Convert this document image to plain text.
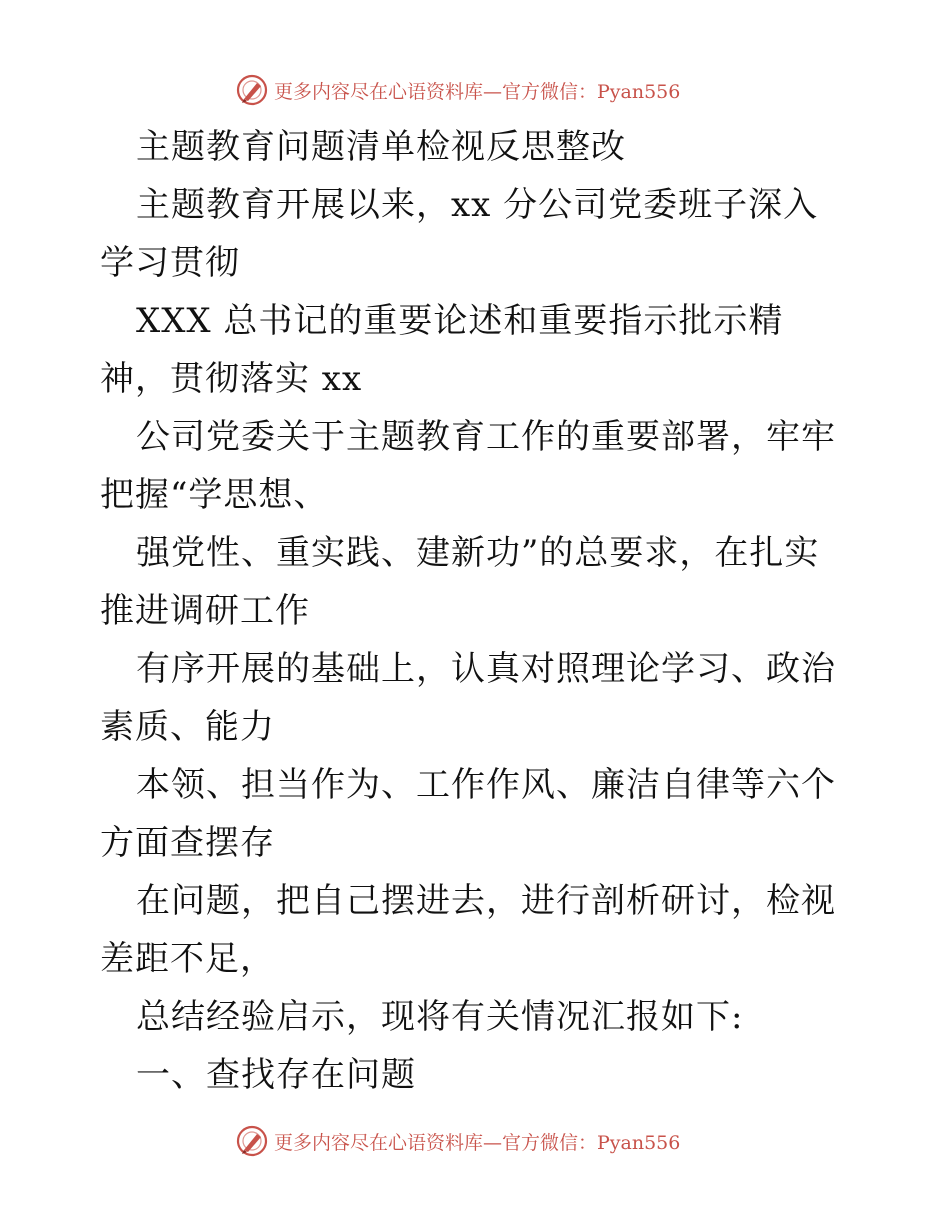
更多内容尽在心语资料库—官方微信：Pyan556

主题教育问题清单检视反思整改

主题教育开展以来，xx 分公司党委班子深入学习贯彻

XXX 总书记的重要论述和重要指示批示精神，贯彻落实 xx

公司党委关于主题教育工作的重要部署，牢牢把握“学思想、

强党性、重实践、建新功”的总要求，在扎实推进调研工作

有序开展的基础上，认真对照理论学习、政治素质、能力

本领、担当作为、工作作风、廉洁自律等六个方面查摆存

在问题，把自己摆进去，进行剖析研讨，检视差距不足，

总结经验启示，现将有关情况汇报如下:

一、查找存在问题

更多内容尽在心语资料库—官方微信：Pyan556
